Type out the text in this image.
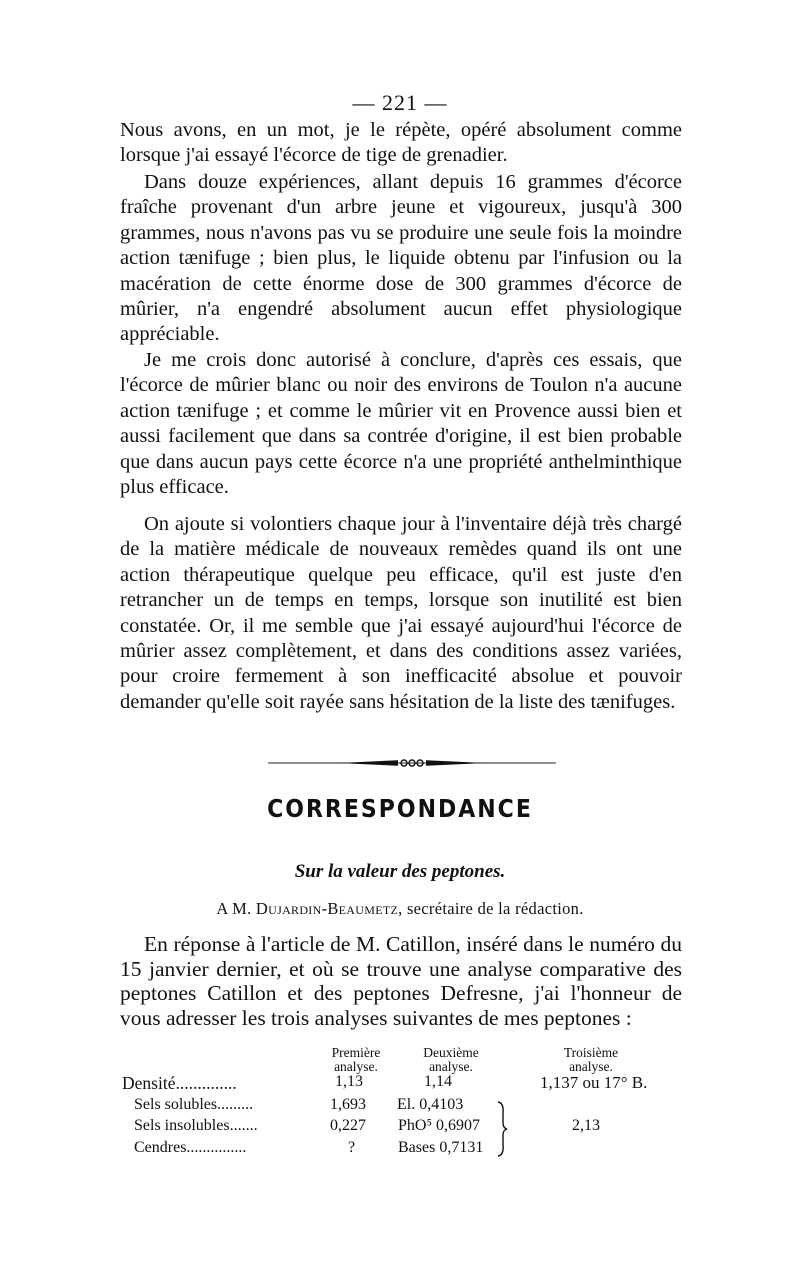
— 221 —

Nous avons, en un mot, je le répète, opéré absolument comme lorsque j'ai essayé l'écorce de tige de grenadier.

Dans douze expériences, allant depuis 16 grammes d'écorce fraîche provenant d'un arbre jeune et vigoureux, jusqu'à 300 grammes, nous n'avons pas vu se produire une seule fois la moindre action tænifuge ; bien plus, le liquide obtenu par l'infusion ou la macération de cette énorme dose de 300 grammes d'écorce de mûrier, n'a engendré absolument aucun effet physiologique appréciable.

Je me crois donc autorisé à conclure, d'après ces essais, que l'écorce de mûrier blanc ou noir des environs de Toulon n'a aucune action tænifuge ; et comme le mûrier vit en Provence aussi bien et aussi facilement que dans sa contrée d'origine, il est bien probable que dans aucun pays cette écorce n'a une propriété anthelminthique plus efficace.

On ajoute si volontiers chaque jour à l'inventaire déjà très chargé de la matière médicale de nouveaux remèdes quand ils ont une action thérapeutique quelque peu efficace, qu'il est juste d'en retrancher un de temps en temps, lorsque son inutilité est bien constatée. Or, il me semble que j'ai essayé aujourd'hui l'écorce de mûrier assez complètement, et dans des conditions assez variées, pour croire fermement à son inefficacité absolue et pouvoir demander qu'elle soit rayée sans hésitation de la liste des tænifuges.

CORRESPONDANCE
Sur la valeur des peptones.
A M. Dujardin-Beaumetz, secrétaire de la rédaction.

En réponse à l'article de M. Catillon, inséré dans le numéro du 15 janvier dernier, et où se trouve une analyse comparative des peptones Catillon et des peptones Defresne, j'ai l'honneur de vous adresser les trois analyses suivantes de mes peptones :

Première
analyse.
Deuxième
analyse.
Troisième
analyse.
Densité..............	1,13	1,14	1,137 ou 17° B.
Sels solubles.........	1,693 El. 0,4103
Sels insolubles.......	0,227 PhO⁵ 0,6907	2,13
Cendres...............	?	Bases 0,7131
